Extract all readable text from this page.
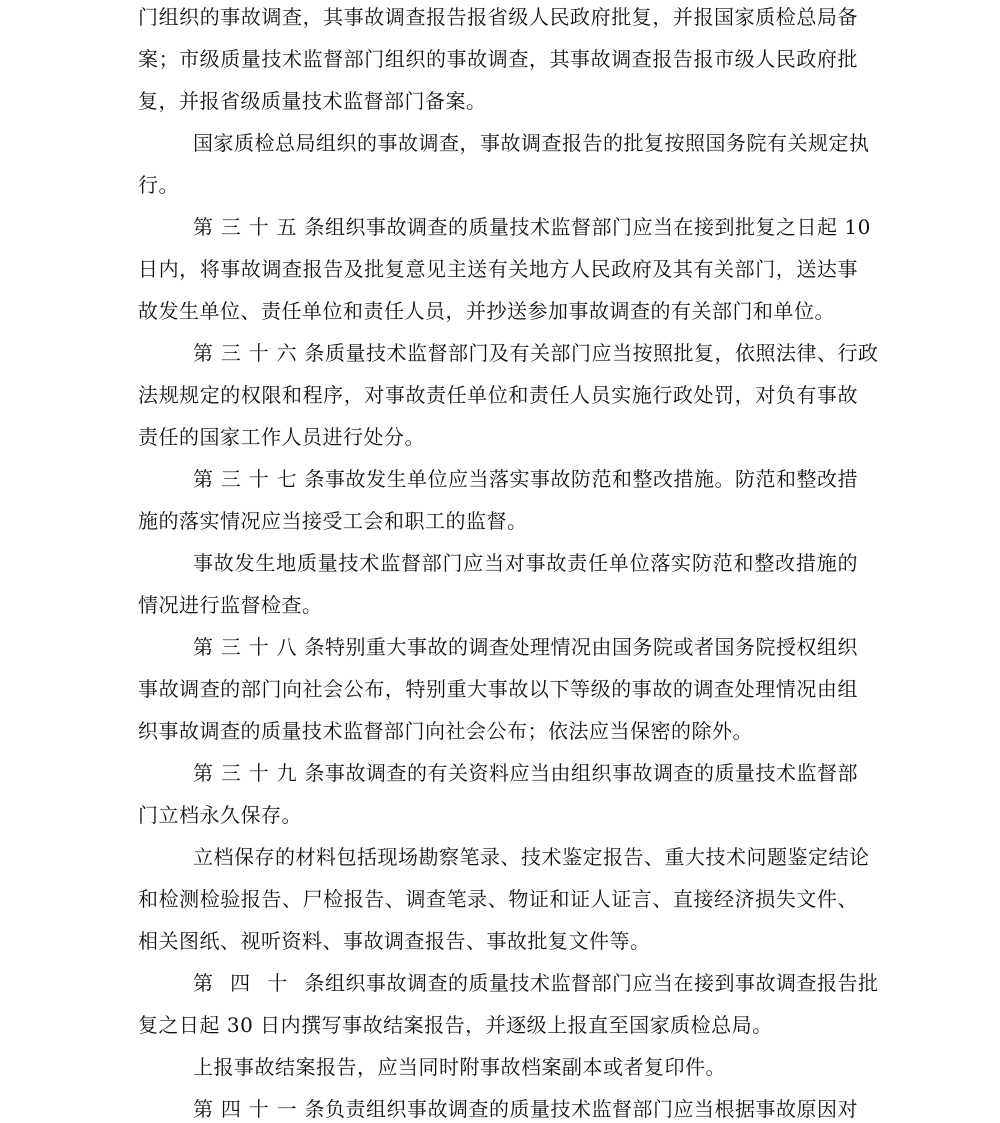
门组织的事故调查，其事故调查报告报省级人民政府批复，并报国家质检总局备
案；市级质量技术监督部门组织的事故调查，其事故调查报告报市级人民政府批
复，并报省级质量技术监督部门备案。
国家质检总局组织的事故调查，事故调查报告的批复按照国务院有关规定执
行。
第三十五条组织事故调查的质量技术监督部门应当在接到批复之日起 10
日内，将事故调查报告及批复意见主送有关地方人民政府及其有关部门，送达事
故发生单位、责任单位和责任人员，并抄送参加事故调查的有关部门和单位。
第三十六条质量技术监督部门及有关部门应当按照批复，依照法律、行政
法规规定的权限和程序，对事故责任单位和责任人员实施行政处罚，对负有事故
责任的国家工作人员进行处分。
第三十七条事故发生单位应当落实事故防范和整改措施。防范和整改措
施的落实情况应当接受工会和职工的监督。
事故发生地质量技术监督部门应当对事故责任单位落实防范和整改措施的
情况进行监督检查。
第三十八条特别重大事故的调查处理情况由国务院或者国务院授权组织
事故调查的部门向社会公布，特别重大事故以下等级的事故的调查处理情况由组
织事故调查的质量技术监督部门向社会公布；依法应当保密的除外。
第三十九条事故调查的有关资料应当由组织事故调查的质量技术监督部
门立档永久保存。
立档保存的材料包括现场勘察笔录、技术鉴定报告、重大技术问题鉴定结论
和检测检验报告、尸检报告、调查笔录、物证和证人证言、直接经济损失文件、
相关图纸、视听资料、事故调查报告、事故批复文件等。
第四十条组织事故调查的质量技术监督部门应当在接到事故调查报告批
复之日起 30 日内撰写事故结案报告，并逐级上报直至国家质检总局。
上报事故结案报告，应当同时附事故档案副本或者复印件。
第四十一条负责组织事故调查的质量技术监督部门应当根据事故原因对
